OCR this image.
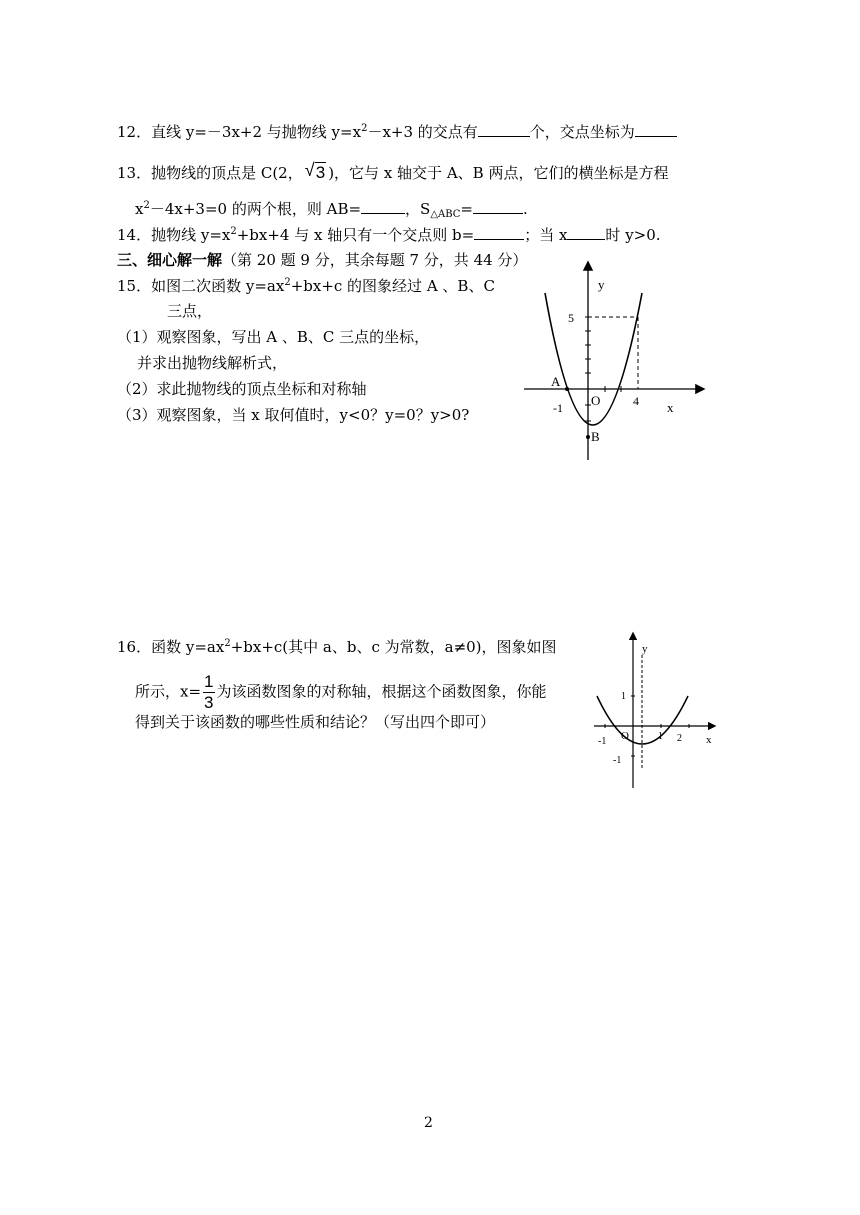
12．直线 y=－3x+2 与抛物线 $y=x^2-x+3$ 的交点有	个，交点坐标为
13．抛物线的顶点是 C(2， √ 3 )，它与 x 轴交于 A、B 两点，它们的横坐标是方程
$x^2-4x+3=0$ 的两个根，则 AB=	，$S_{\triangle ABC}=$	.
14．抛物线 $y=x^2+bx+4$ 与 x 轴只有一个交点则 b=	；当 x	时 y>0.
三、细心解一解（第 20 题 9 分，其余每题 7 分，共 44 分）
15．如图二次函数 $y=ax^2+bx+c$ 的图象经过 A 、B、C
三点，
（1）观察图象，写出 A 、B、C 三点的坐标，
并求出抛物线解析式，
（2）求此抛物线的顶点坐标和对称轴
（3）观察图象，当 x 取何值时，y<0？y=0？y>0?
y
x
5
A
-1 O	4
B
16．函数 $y=ax^2+bx+c$(其中 a、b、c 为常数，a≠0)，图象如图
所示，$x= \frac{1}{3}$ 为该函数图象的对称轴，根据这个函数图象，你能
得到关于该函数的哪些性质和结论？（写出四个即可）
y
x
1
-1 O	1 2
-1
2
